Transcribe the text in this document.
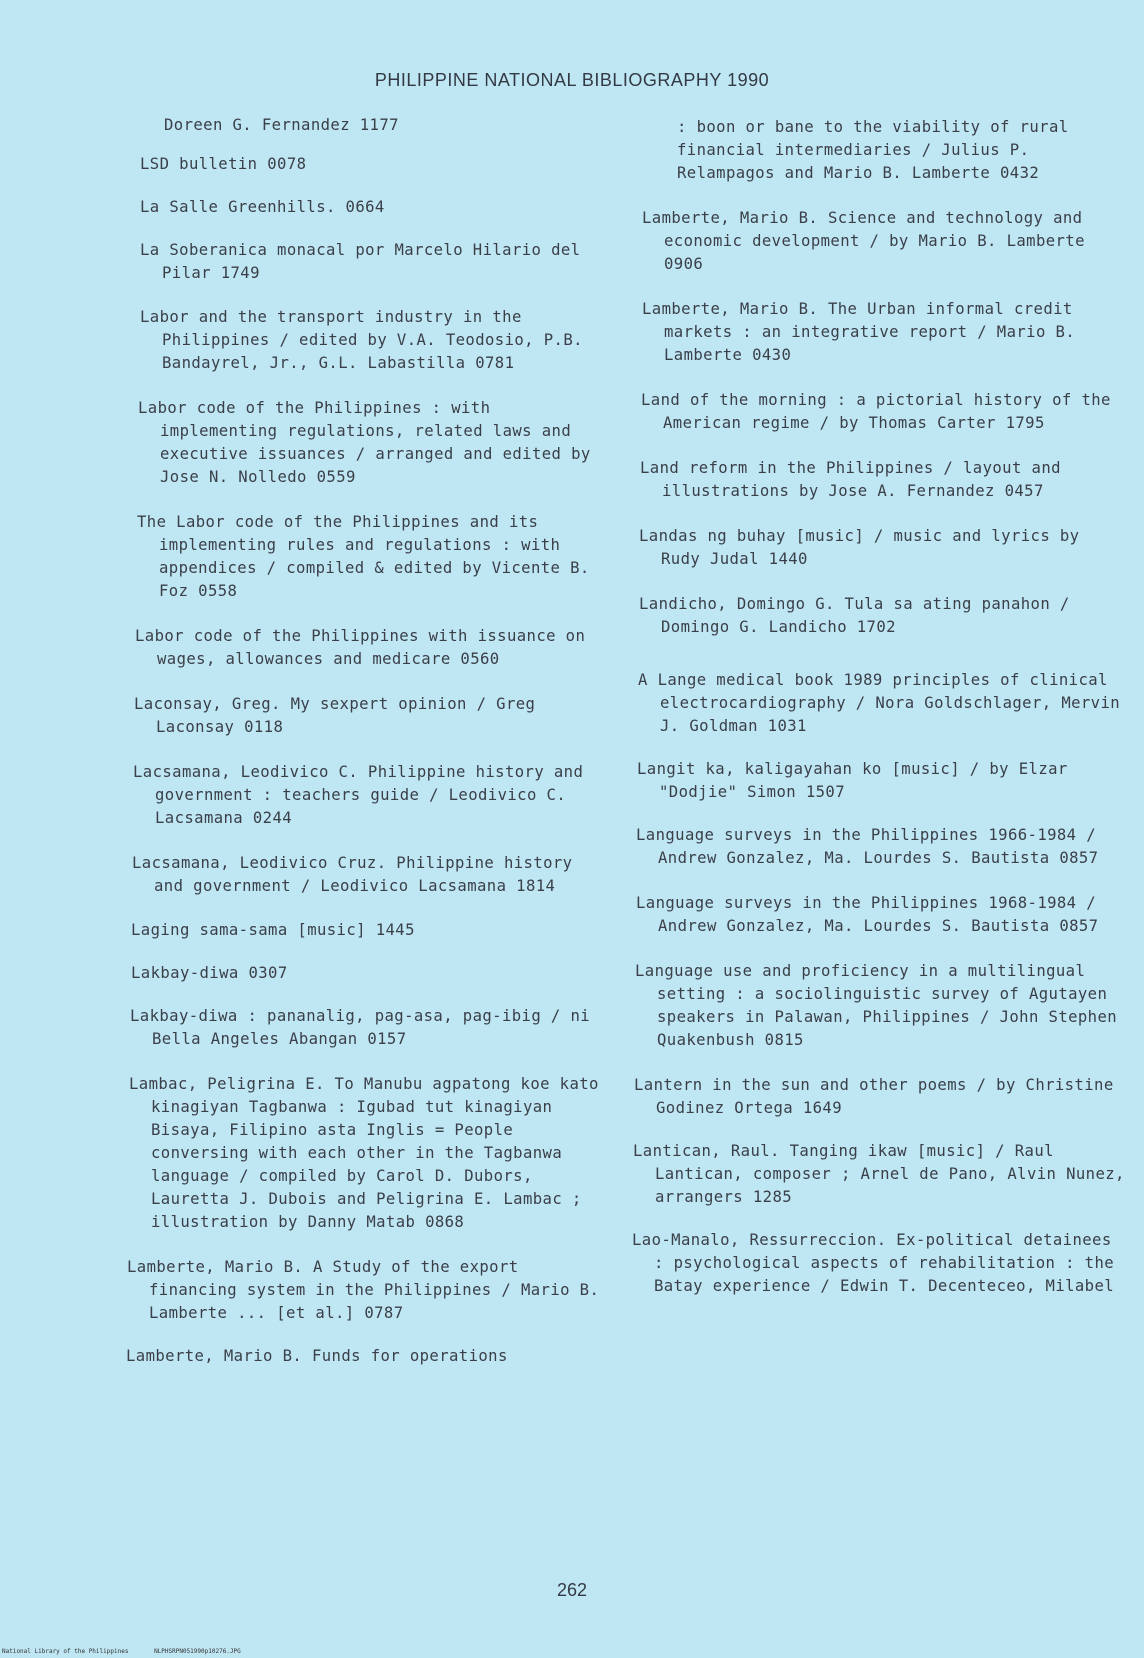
PHILIPPINE NATIONAL BIBLIOGRAPHY 1990

Doreen G. Fernandez 1177

LSD bulletin 0078

La Salle Greenhills. 0664

La Soberanica monacal por Marcelo Hilario del Pilar 1749

Labor and the transport industry in the Philippines / edited by V.A. Teodosio, P.B. Bandayrel, Jr., G.L. Labastilla 0781

Labor code of the Philippines : with implementing regulations, related laws and executive issuances / arranged and edited by Jose N. Nolledo 0559

The Labor code of the Philippines and its implementing rules and regulations : with appendices / compiled & edited by Vicente B. Foz 0558

Labor code of the Philippines with issuance on wages, allowances and medicare 0560

Laconsay, Greg. My sexpert opinion / Greg Laconsay 0118

Lacsamana, Leodivico C. Philippine history and government : teachers guide / Leodivico C. Lacsamana 0244

Lacsamana, Leodivico Cruz. Philippine history and government / Leodivico Lacsamana 1814

Laging sama-sama [music] 1445

Lakbay-diwa 0307

Lakbay-diwa : pananalig, pag-asa, pag-ibig / ni Bella Angeles Abangan 0157

Lambac, Peligrina E. To Manubu agpatong koe kato kinagiyan Tagbanwa : Igubad tut kinagiyan Bisaya, Filipino asta Inglis = People conversing with each other in the Tagbanwa language / compiled by Carol D. Dubors, Lauretta J. Dubois and Peligrina E. Lambac ; illustration by Danny Matab 0868

Lamberte, Mario B. A Study of the export financing system in the Philippines / Mario B. Lamberte ... [et al.] 0787

Lamberte, Mario B. Funds for operations

: boon or bane to the viability of rural financial intermediaries / Julius P. Relampagos and Mario B. Lamberte 0432

Lamberte, Mario B. Science and technology and economic development / by Mario B. Lamberte 0906

Lamberte, Mario B. The Urban informal credit markets : an integrative report / Mario B. Lamberte 0430

Land of the morning : a pictorial history of the American regime / by Thomas Carter 1795

Land reform in the Philippines / layout and illustrations by Jose A. Fernandez 0457

Landas ng buhay [music] / music and lyrics by Rudy Judal 1440

Landicho, Domingo G. Tula sa ating panahon / Domingo G. Landicho 1702

A Lange medical book 1989 principles of clinical electrocardiography / Nora Goldschlager, Mervin J. Goldman 1031

Langit ka, kaligayahan ko [music] / by Elzar "Dodjie" Simon 1507

Language surveys in the Philippines 1966-1984 / Andrew Gonzalez, Ma. Lourdes S. Bautista 0857

Language surveys in the Philippines 1968-1984 / Andrew Gonzalez, Ma. Lourdes S. Bautista 0857

Language use and proficiency in a multilingual setting : a sociolinguistic survey of Agutayen speakers in Palawan, Philippines / John Stephen Quakenbush 0815

Lantern in the sun and other poems / by Christine Godinez Ortega 1649

Lantican, Raul. Tanging ikaw [music] / Raul Lantican, composer ; Arnel de Pano, Alvin Nunez, arrangers 1285

Lao-Manalo, Ressurreccion. Ex-political detainees : psychological aspects of rehabilitation : the Batay experience / Edwin T. Decenteceo, Milabel

262
National Library of the Philippines	NLPHSRPN051990p10276.JPG
